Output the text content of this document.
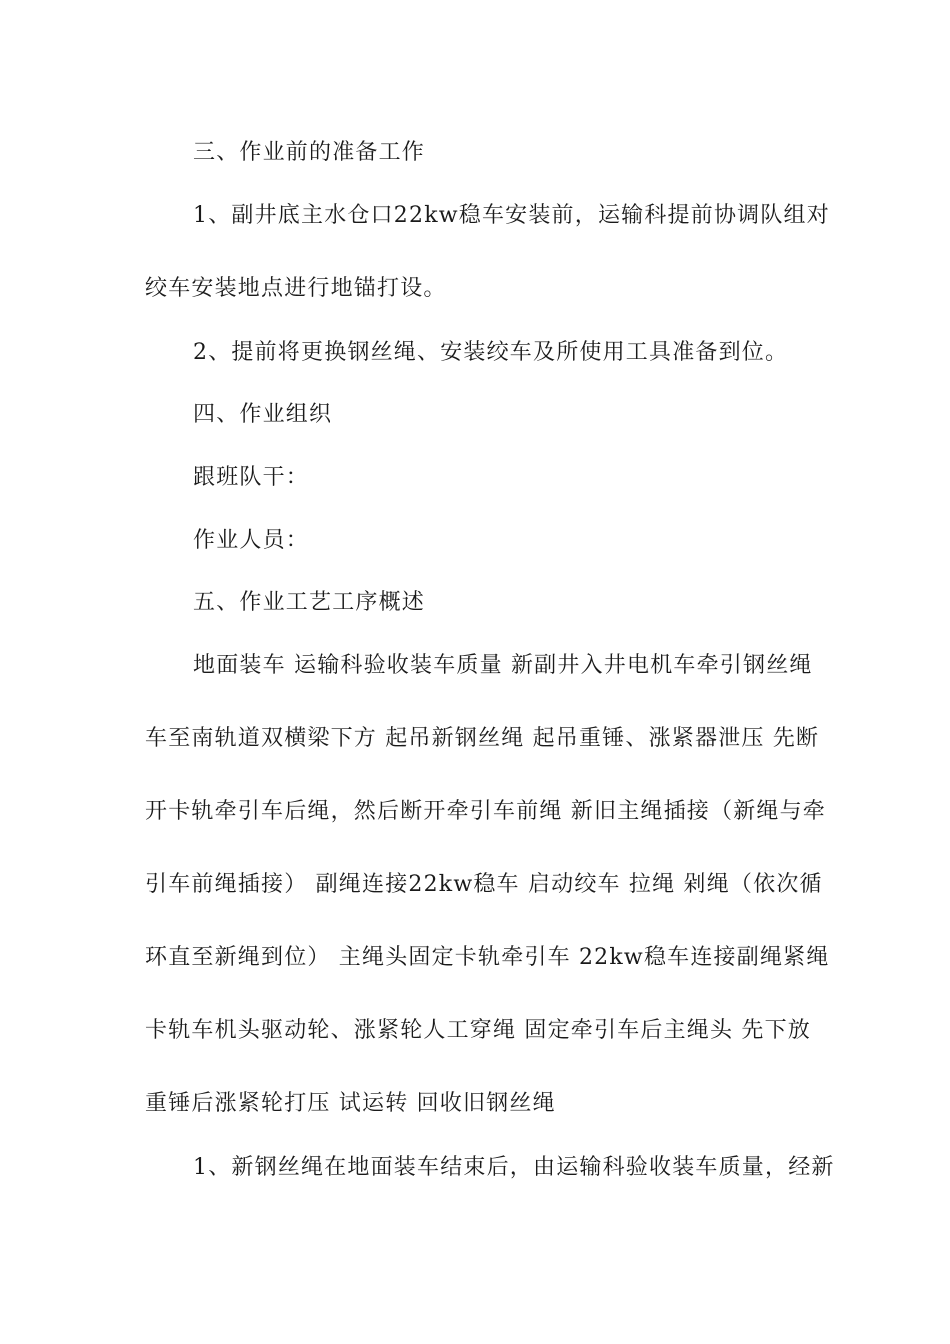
三、作业前的准备工作
1、副井底主水仓口22kw稳车安装前，运输科提前协调队组对
绞车安装地点进行地锚打设。
2、提前将更换钢丝绳、安装绞车及所使用工具准备到位。
四、作业组织
跟班队干：
作业人员：
五、作业工艺工序概述
地面装车 运输科验收装车质量 新副井入井电机车牵引钢丝绳
车至南轨道双横梁下方 起吊新钢丝绳 起吊重锤、涨紧器泄压 先断
开卡轨牵引车后绳，然后断开牵引车前绳 新旧主绳插接（新绳与牵
引车前绳插接） 副绳连接22kw稳车 启动绞车 拉绳 剁绳（依次循
环直至新绳到位） 主绳头固定卡轨牵引车 22kw稳车连接副绳紧绳
卡轨车机头驱动轮、涨紧轮人工穿绳 固定牵引车后主绳头 先下放
重锤后涨紧轮打压 试运转 回收旧钢丝绳
1、新钢丝绳在地面装车结束后，由运输科验收装车质量，经新
